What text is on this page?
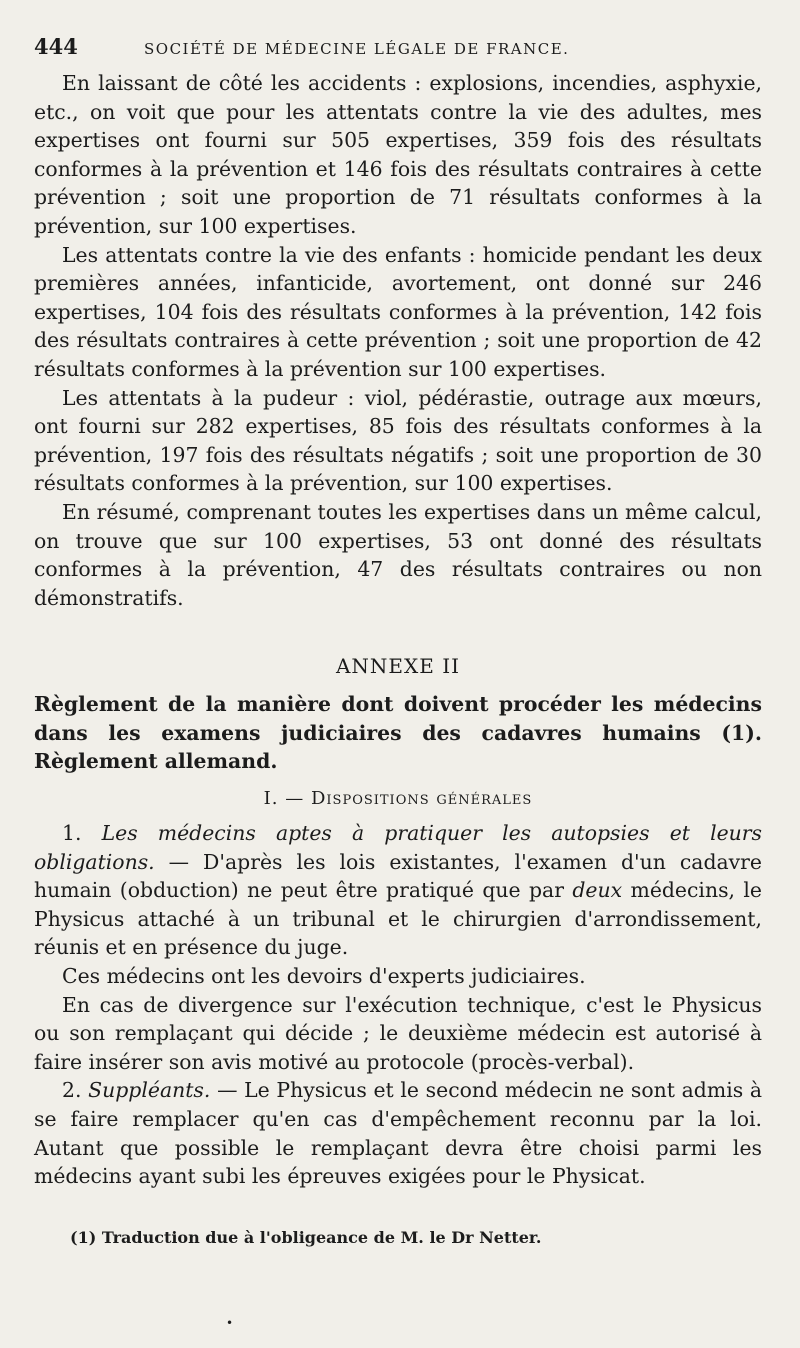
444	SOCIÉTÉ DE MÉDECINE LÉGALE DE FRANCE.

En laissant de côté les accidents : explosions, incendies, asphyxie, etc., on voit que pour les attentats contre la vie des adultes, mes expertises ont fourni sur 505 expertises, 359 fois des résultats conformes à la prévention et 146 fois des résultats contraires à cette prévention ; soit une proportion de 71 résultats conformes à la prévention, sur 100 expertises.

Les attentats contre la vie des enfants : homicide pendant les deux premières années, infanticide, avortement, ont donné sur 246 expertises, 104 fois des résultats conformes à la prévention, 142 fois des résultats contraires à cette prévention ; soit une proportion de 42 résultats conformes à la prévention sur 100 expertises.

Les attentats à la pudeur : viol, pédérastie, outrage aux mœurs, ont fourni sur 282 expertises, 85 fois des résultats conformes à la prévention, 197 fois des résultats négatifs ; soit une proportion de 30 résultats conformes à la prévention, sur 100 expertises.

En résumé, comprenant toutes les expertises dans un même calcul, on trouve que sur 100 expertises, 53 ont donné des résultats conformes à la prévention, 47 des résultats contraires ou non démonstratifs.

ANNEXE II

Règlement de la manière dont doivent procéder les médecins dans les examens judiciaires des cadavres humains (1). Règlement allemand.

I. — Dispositions générales

1. Les médecins aptes à pratiquer les autopsies et leurs obligations. — D'après les lois existantes, l'examen d'un cadavre humain (obduction) ne peut être pratiqué que par deux médecins, le Physicus attaché à un tribunal et le chirurgien d'arrondissement, réunis et en présence du juge.

Ces médecins ont les devoirs d'experts judiciaires.

En cas de divergence sur l'exécution technique, c'est le Physicus ou son remplaçant qui décide ; le deuxième médecin est autorisé à faire insérer son avis motivé au protocole (procès-verbal).

2. Suppléants. — Le Physicus et le second médecin ne sont admis à se faire remplacer qu'en cas d'empêchement reconnu par la loi. Autant que possible le remplaçant devra être choisi parmi les médecins ayant subi les épreuves exigées pour le Physicat.

(1) Traduction due à l'obligeance de M. le Dr Netter.

•
